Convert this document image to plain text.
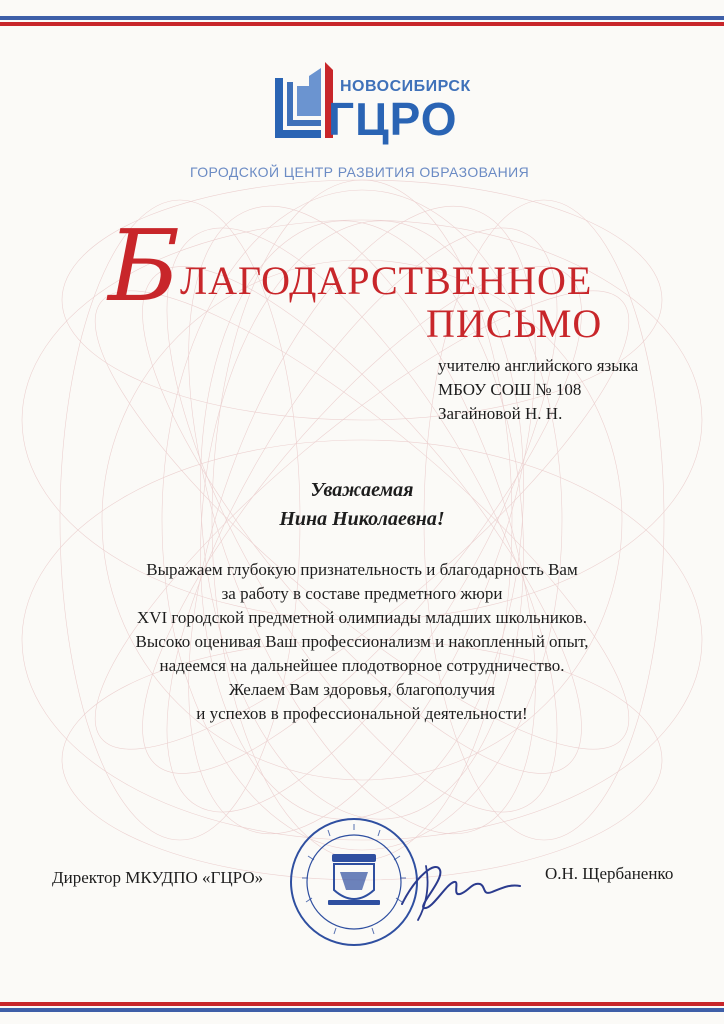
НОВОСИБИРСК
ГЦРО
ГОРОДСКОЙ ЦЕНТР РАЗВИТИЯ ОБРАЗОВАНИЯ
БЛАГОДАРСТВЕННОЕ
ПИСЬМО
учителю английского языка
МБОУ СОШ № 108
Загайновой Н. Н.
Уважаемая
Нина Николаевна!
Выражаем глубокую признательность и благодарность Вам
за работу в составе предметного жюри
XVI городской предметной олимпиады младших школьников.
Высоко оценивая Ваш профессионализм и накопленный опыт,
надеемся на дальнейшее плодотворное сотрудничество.
Желаем Вам здоровья, благополучия
и успехов в профессиональной деятельности!
Директор МКУДПО «ГЦРО»	О.Н. Щербаненко
